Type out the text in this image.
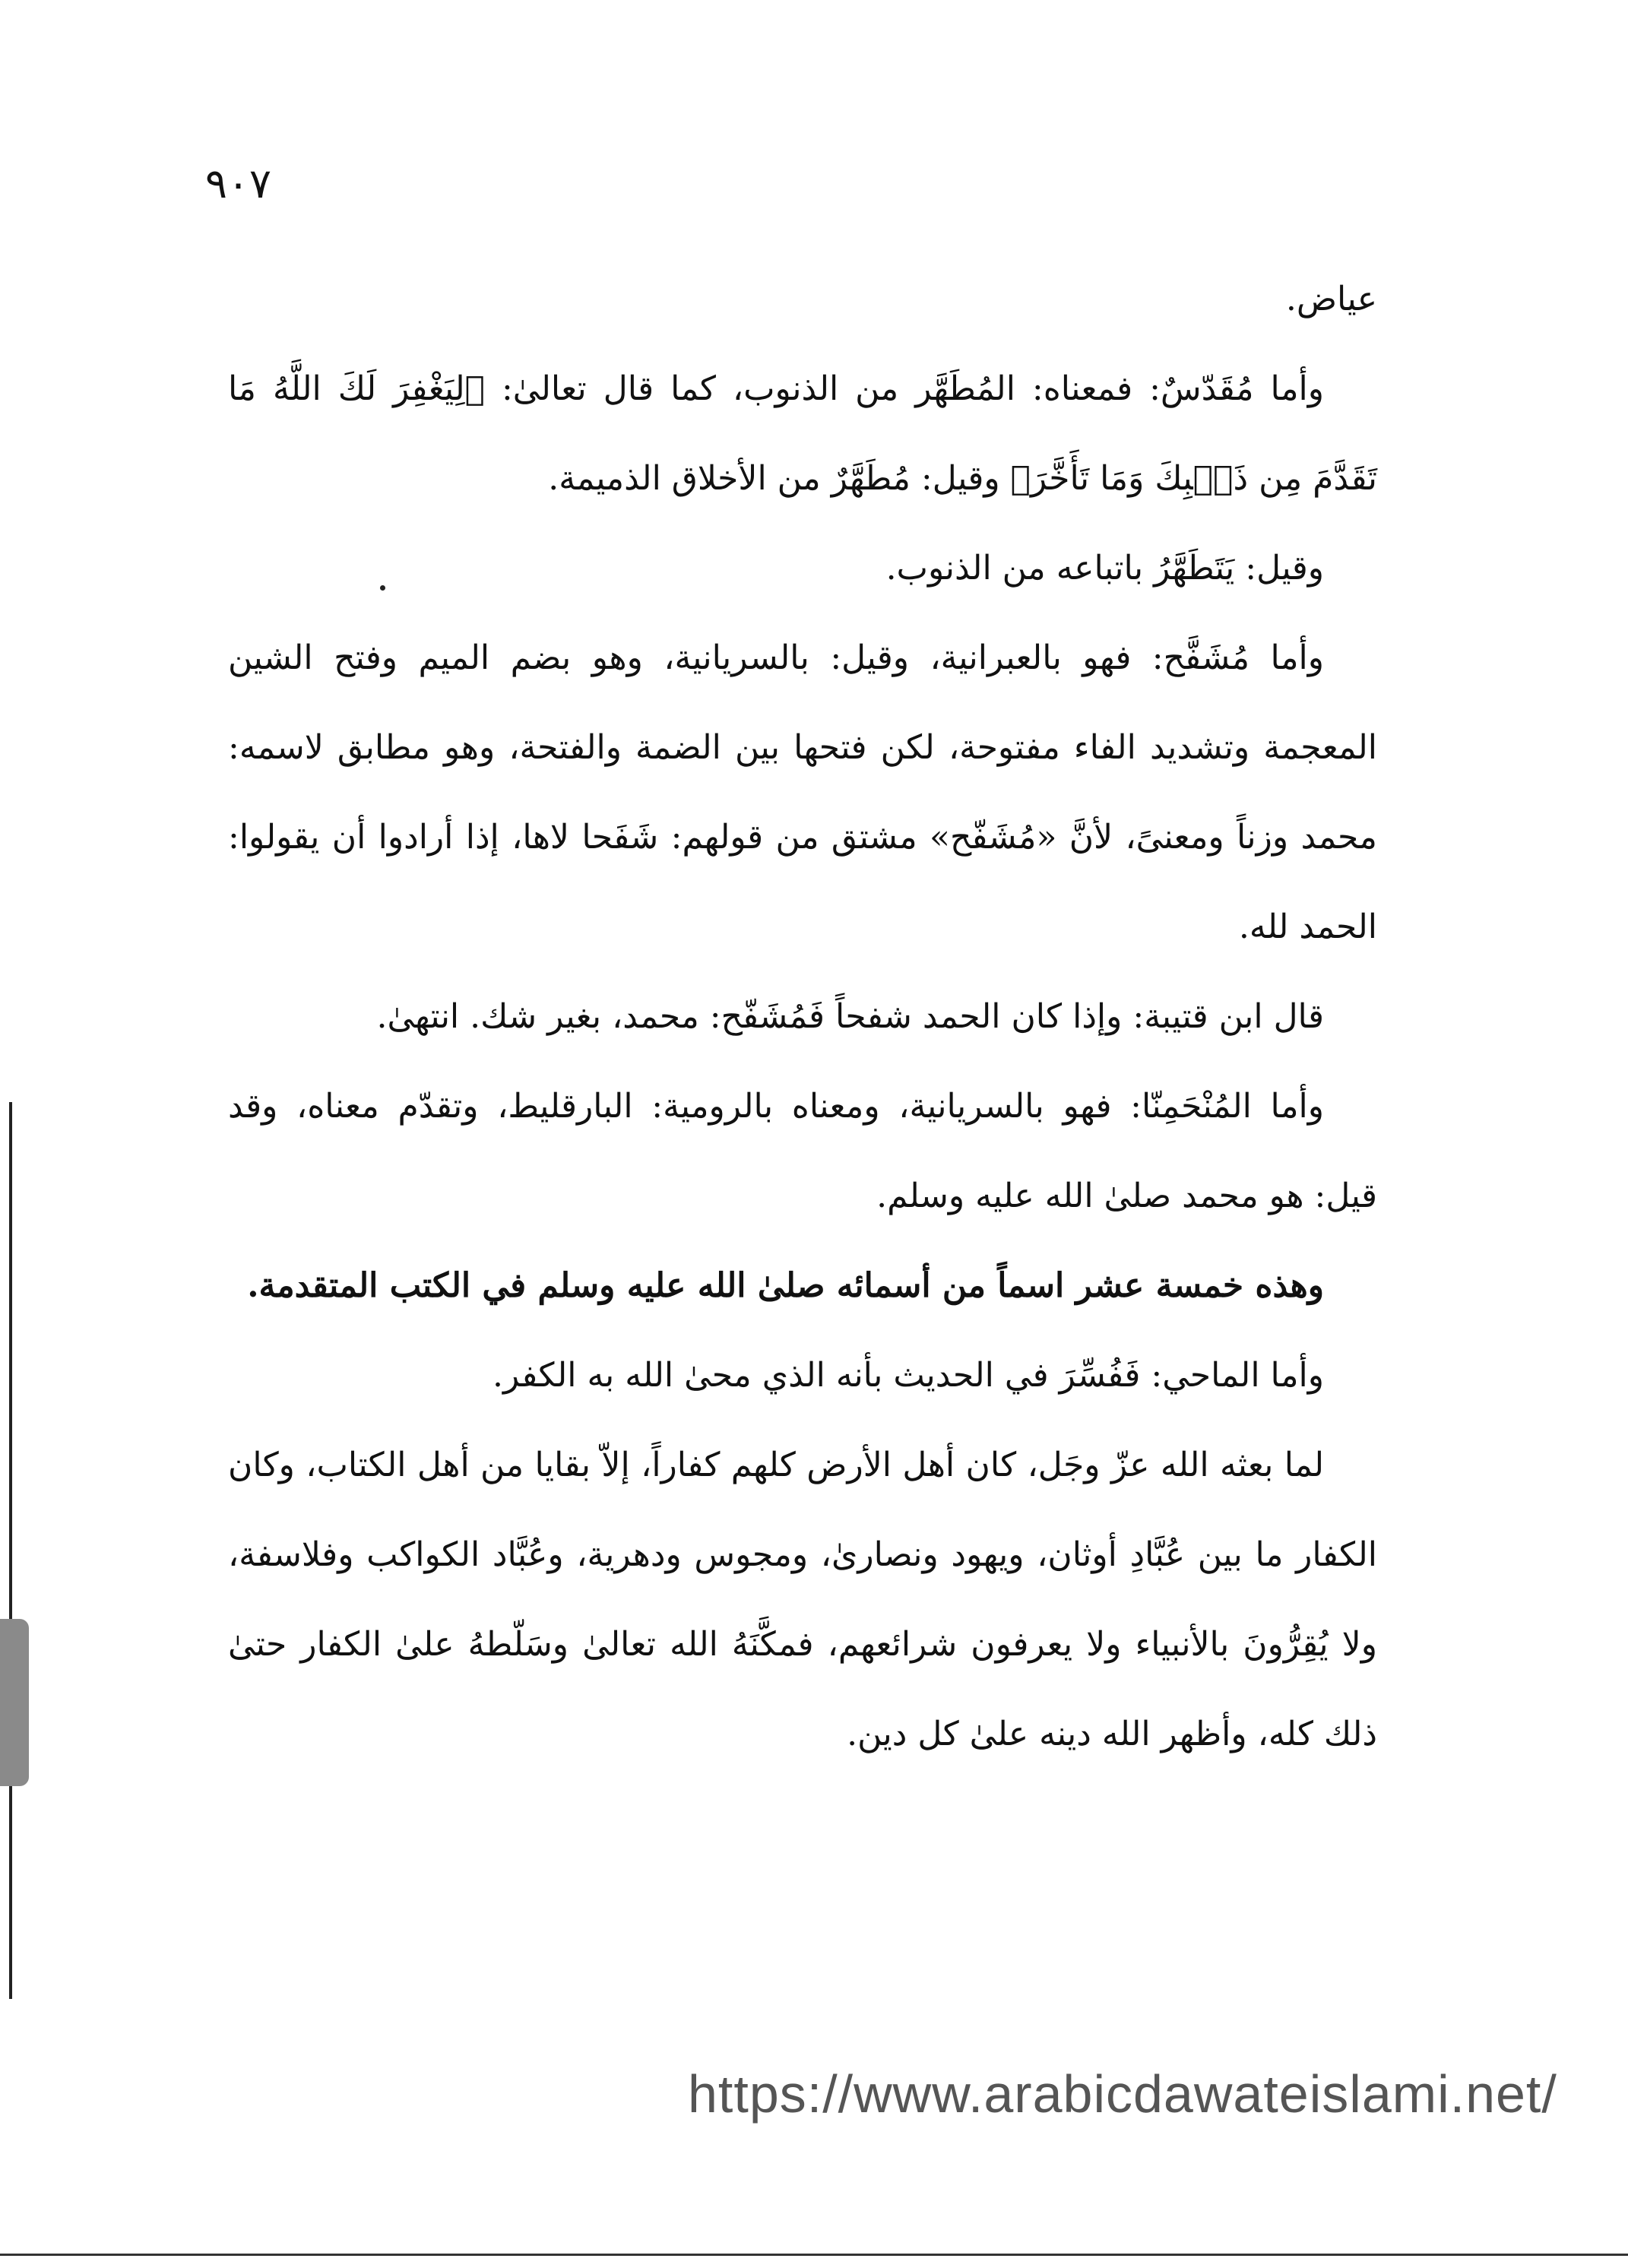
٩٠٧

عياض.

وأما مُقَدّسٌ: فمعناه: المُطَهَّر من الذنوب، كما قال تعالىٰ: ﴿لِيَغْفِرَ لَكَ اللَّهُ مَا تَقَدَّمَ مِن ذَنۢبِكَ وَمَا تَأَخَّرَ﴾ وقيل: مُطَهَّرٌ من الأخلاق الذميمة.

وقيل: يَتَطَهَّرُ باتباعه من الذنوب.

وأما مُشَفَّح: فهو بالعبرانية، وقيل: بالسريانية، وهو بضم الميم وفتح الشين المعجمة وتشديد الفاء مفتوحة، لكن فتحها بين الضمة والفتحة، وهو مطابق لاسمه: محمد وزناً ومعنىً، لأنَّ «مُشَفّح» مشتق من قولهم: شَفَحا لاها، إذا أرادوا أن يقولوا: الحمد لله.

قال ابن قتيبة: وإذا كان الحمد شفحاً فَمُشَفّح: محمد، بغير شك. انتهىٰ.

وأما المُنْحَمِنّا: فهو بالسريانية، ومعناه بالرومية: البارقليط، وتقدّم معناه، وقد قيل: هو محمد صلىٰ الله عليه وسلم.

وهذه خمسة عشر اسماً من أسمائه صلىٰ الله عليه وسلم في الكتب المتقدمة.

وأما الماحي: فَفُسِّرَ في الحديث بأنه الذي محىٰ الله به الكفر.

لما بعثه الله عزّ وجَل، كان أهل الأرض كلهم كفاراً، إلاّ بقايا من أهل الكتاب، وكان الكفار ما بين عُبَّادِ أوثان، ويهود ونصارىٰ، ومجوس ودهرية، وعُبَّاد الكواكب وفلاسفة، ولا يُقِرُّونَ بالأنبياء ولا يعرفون شرائعهم، فمكَّنَهُ الله تعالىٰ وسَلّطهُ علىٰ الكفار حتىٰ ذلك كله، وأظهر الله دينه علىٰ كل دين.

https://www.arabicdawateislami.net/
